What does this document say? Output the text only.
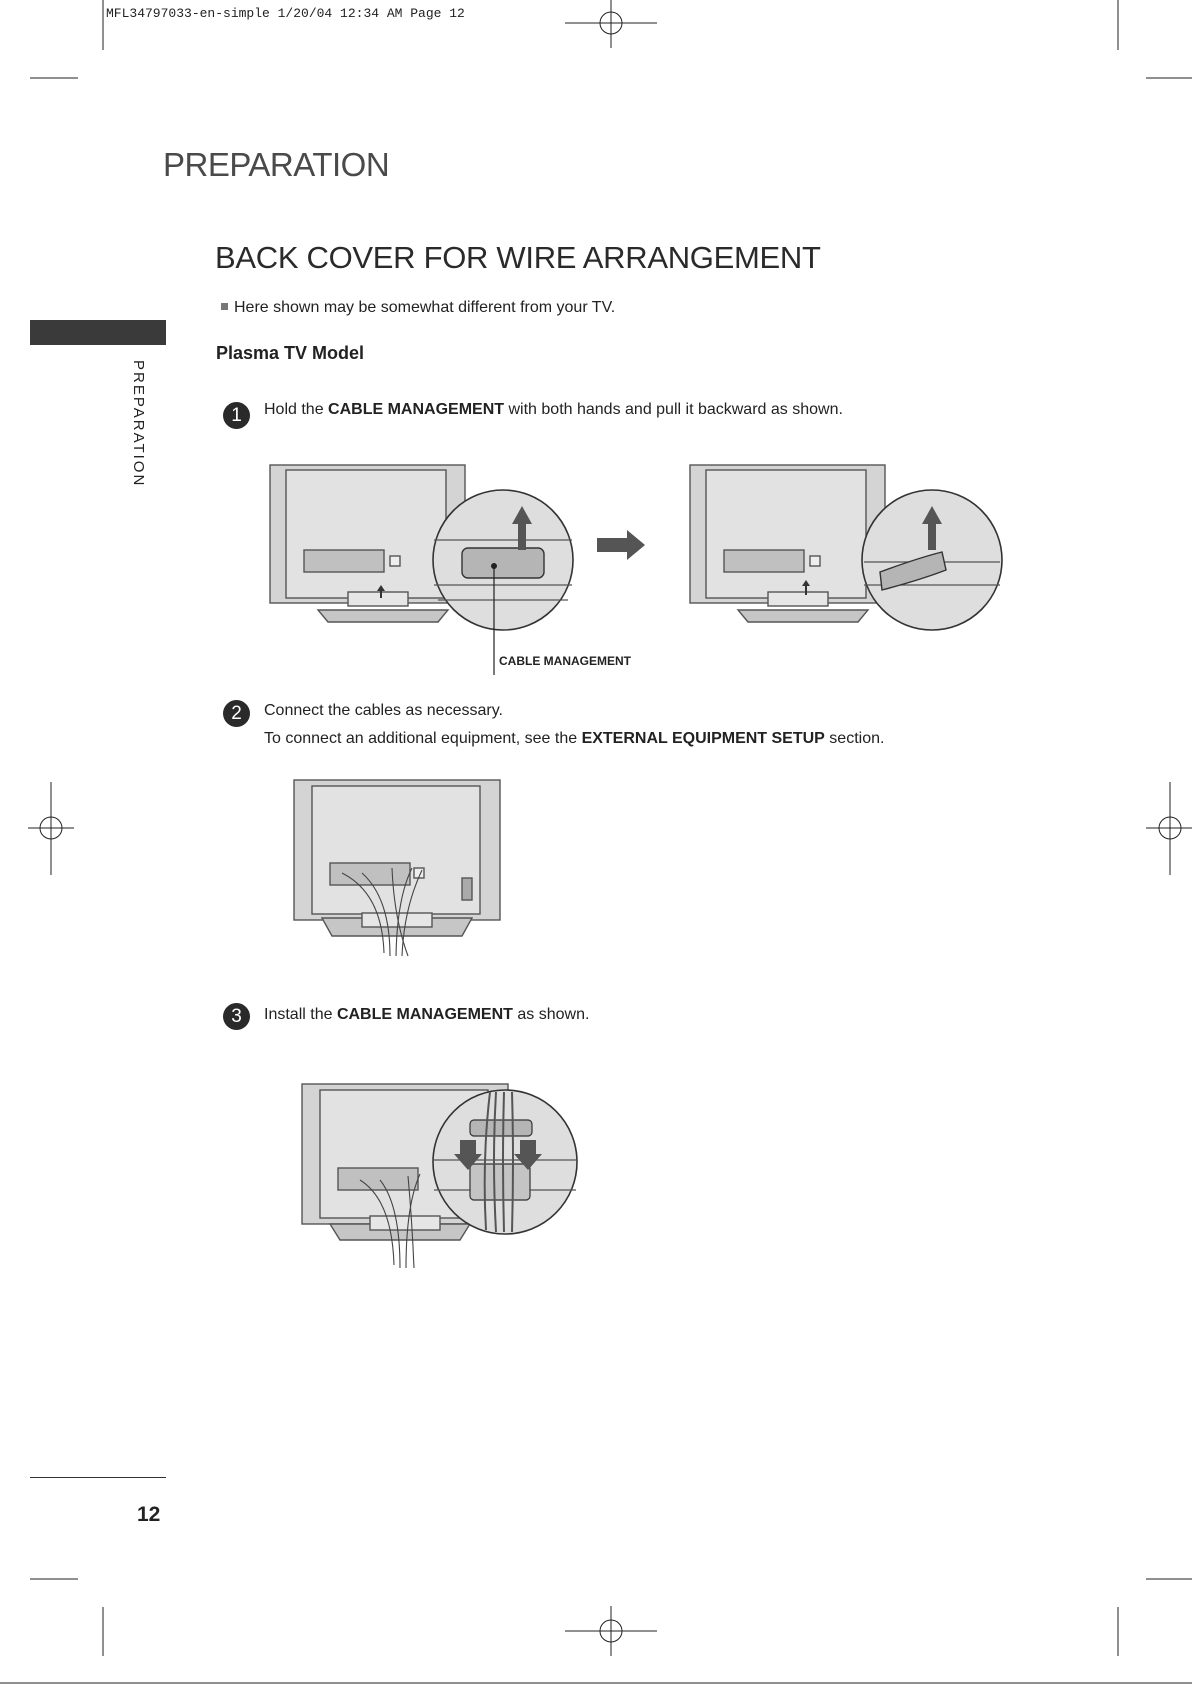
MFL34797033-en-simple 1/20/04 12:34 AM Page 12
PREPARATION
PREPARATION
BACK COVER FOR WIRE ARRANGEMENT
Here shown may be somewhat different from your TV.
Plasma TV Model
1	Hold the CABLE MANAGEMENT with both hands and pull it backward as shown.
CABLE MANAGEMENT
2	Connect the cables as necessary.
To connect an additional equipment, see the EXTERNAL EQUIPMENT SETUP section.
3	Install the CABLE MANAGEMENT as shown.
12
